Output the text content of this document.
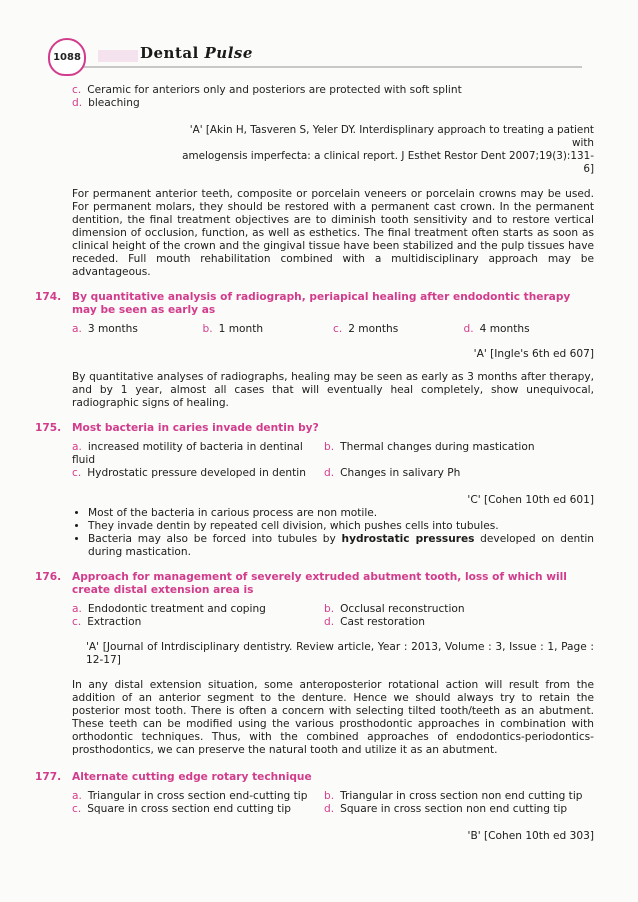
1088	Dental Pulse

c. Ceramic for anteriors only and posteriors are protected with soft splint

d. bleaching

'A' [Akin H, Tasveren S, Yeler DY. Interdisplinary approach to treating a patient with

amelogensis imperfecta: a clinical report. J Esthet Restor Dent 2007;19(3):131-6]

For permanent anterior teeth, composite or porcelain veneers or porcelain crowns may be used. For permanent molars, they should be restored with a permanent cast crown. In the permanent dentition, the final treatment objectives are to diminish tooth sensitivity and to restore vertical dimension of occlusion, function, as well as esthetics. The final treatment often starts as soon as clinical height of the crown and the gingival tissue have been stabilized and the pulp tissues have receded. Full mouth rehabilitation combined with a multidisciplinary approach may be advantageous.

174. By quantitative analysis of radiograph, periapical healing after endodontic therapy may be seen as early as

a. 3 months	b. 1 month	c. 2 months	d. 4 months

'A' [Ingle's 6th ed 607]

By quantitative analyses of radiographs, healing may be seen as early as 3 months after therapy, and by 1 year, almost all cases that will eventually heal completely, show unequivocal, radiographic signs of healing.

175. Most bacteria in caries invade dentin by?

a. increased motility of bacteria in dentinal fluid
b. Thermal changes during mastication
c. Hydrostatic pressure developed in dentin	d. Changes in salivary Ph

'C' [Cohen 10th ed 601]

• Most of the bacteria in carious process are non motile.
• They invade dentin by repeated cell division, which pushes cells into tubules.
• Bacteria may also be forced into tubules by hydrostatic pressures developed on dentin during mastication.

176. Approach for management of severely extruded abutment tooth, loss of which will create distal extension area is

a. Endodontic treatment and coping	b. Occlusal reconstruction
c. Extraction	d. Cast restoration

'A' [Journal of Intrdisciplinary dentistry. Review article, Year : 2013, Volume : 3, Issue : 1, Page : 12-17]

In any distal extension situation, some anteroposterior rotational action will result from the addition of an anterior segment to the denture. Hence we should always try to retain the posterior most tooth. There is often a concern with selecting tilted tooth/teeth as an abutment. These teeth can be modified using the various prosthodontic approaches in combination with orthodontic techniques. Thus, with the combined approaches of endodontics-periodontics-prosthodontics, we can preserve the natural tooth and utilize it as an abutment.

177. Alternate cutting edge rotary technique

a. Triangular in cross section end-cutting tip	b. Triangular in cross section non end cutting tip
c. Square in cross section end cutting tip	d. Square in cross section non end cutting tip

'B' [Cohen 10th ed 303]
